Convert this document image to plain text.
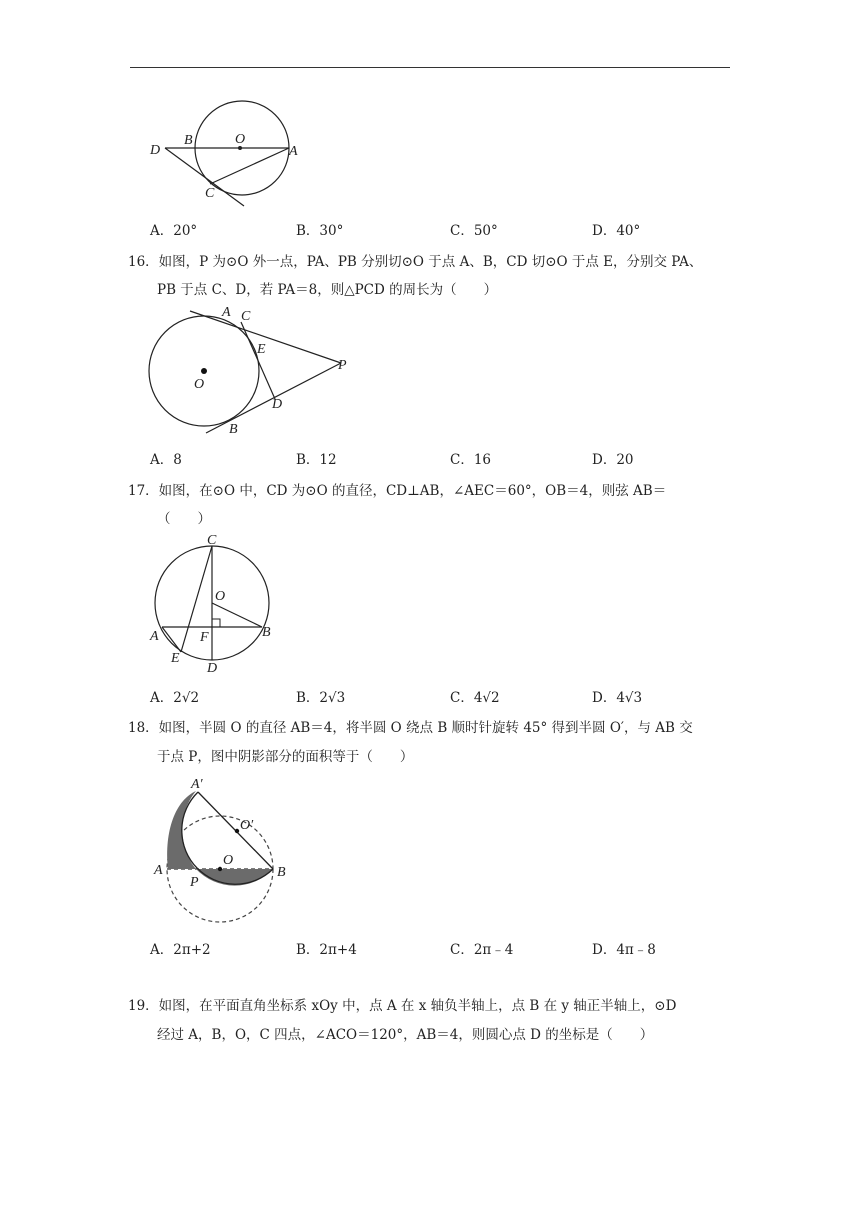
D
B	O
A
C
A．20°	B．30°	C．50°	D．40°
16．如图，P 为⊙O 外一点，PA、PB 分别切⊙O 于点 A、B，CD 切⊙O 于点 E，分别交 PA、
PB 于点 C、D，若 PA＝8，则△PCD 的周长为（　　）
A C
E
P
O
D
B
A．8	B．12	C．16	D．20
17．如图，在⊙O 中，CD 为⊙O 的直径，CD⊥AB，∠AEC＝60°，OB＝4，则弦 AB＝
（　　）
C
O
A	F	B
E
D
A．2√2	B．2√3	C．4√2	D．4√3
18．如图，半圆 O 的直径 AB＝4，将半圆 O 绕点 B 顺时针旋转 45° 得到半圆 O′，与 AB 交
于点 P，图中阴影部分的面积等于（　　）
A′
O′
O
A
P
B
A．2π+2	B．2π+4	C．2π﹣4	D．4π﹣8
19．如图，在平面直角坐标系 xOy 中，点 A 在 x 轴负半轴上，点 B 在 y 轴正半轴上，⊙D
经过 A，B，O，C 四点，∠ACO＝120°，AB＝4，则圆心点 D 的坐标是（　　）
